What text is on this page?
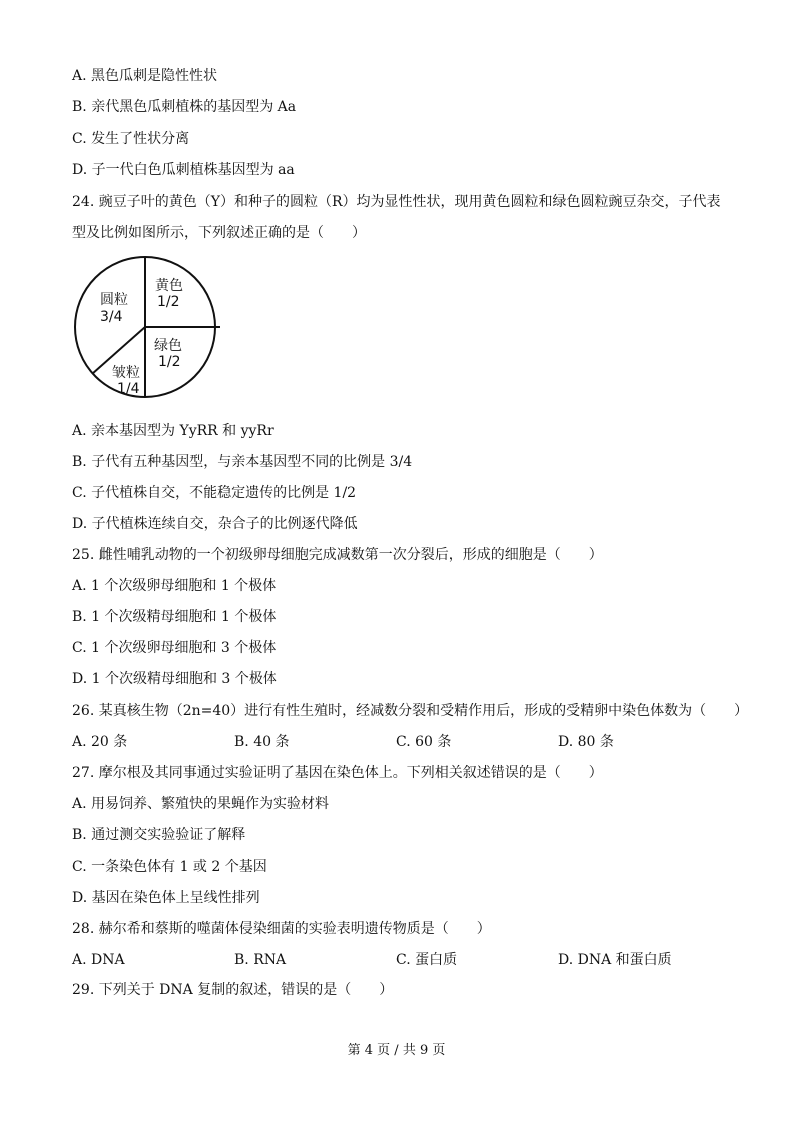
A. 黑色瓜刺是隐性性状
B. 亲代黑色瓜刺植株的基因型为 Aa
C. 发生了性状分离
D. 子一代白色瓜刺植株基因型为 aa
24. 豌豆子叶的黄色（Y）和种子的圆粒（R）均为显性性状，现用黄色圆粒和绿色圆粒豌豆杂交，子代表
型及比例如图所示，下列叙述正确的是（　　）
黄色
1/2
圆粒
3/4
绿色
1/2
皱粒
1/4
A. 亲本基因型为 YyRR 和 yyRr
B. 子代有五种基因型，与亲本基因型不同的比例是 3/4
C. 子代植株自交，不能稳定遗传的比例是 1/2
D. 子代植株连续自交，杂合子的比例逐代降低
25. 雌性哺乳动物的一个初级卵母细胞完成减数第一次分裂后，形成的细胞是（　　）
A. 1 个次级卵母细胞和 1 个极体
B. 1 个次级精母细胞和 1 个极体
C. 1 个次级卵母细胞和 3 个极体
D. 1 个次级精母细胞和 3 个极体
26. 某真核生物（2n=40）进行有性生殖时，经减数分裂和受精作用后，形成的受精卵中染色体数为（　　）
A. 20 条	B. 40 条	C. 60 条	D. 80 条
27. 摩尔根及其同事通过实验证明了基因在染色体上。下列相关叙述错误的是（　　）
A. 用易饲养、繁殖快的果蝇作为实验材料
B. 通过测交实验验证了解释
C. 一条染色体有 1 或 2 个基因
D. 基因在染色体上呈线性排列
28. 赫尔希和蔡斯的噬菌体侵染细菌的实验表明遗传物质是（　　）
A. DNA	B. RNA	C. 蛋白质	D. DNA 和蛋白质
29. 下列关于 DNA 复制的叙述，错误的是（　　）
第 4 页 / 共 9 页
